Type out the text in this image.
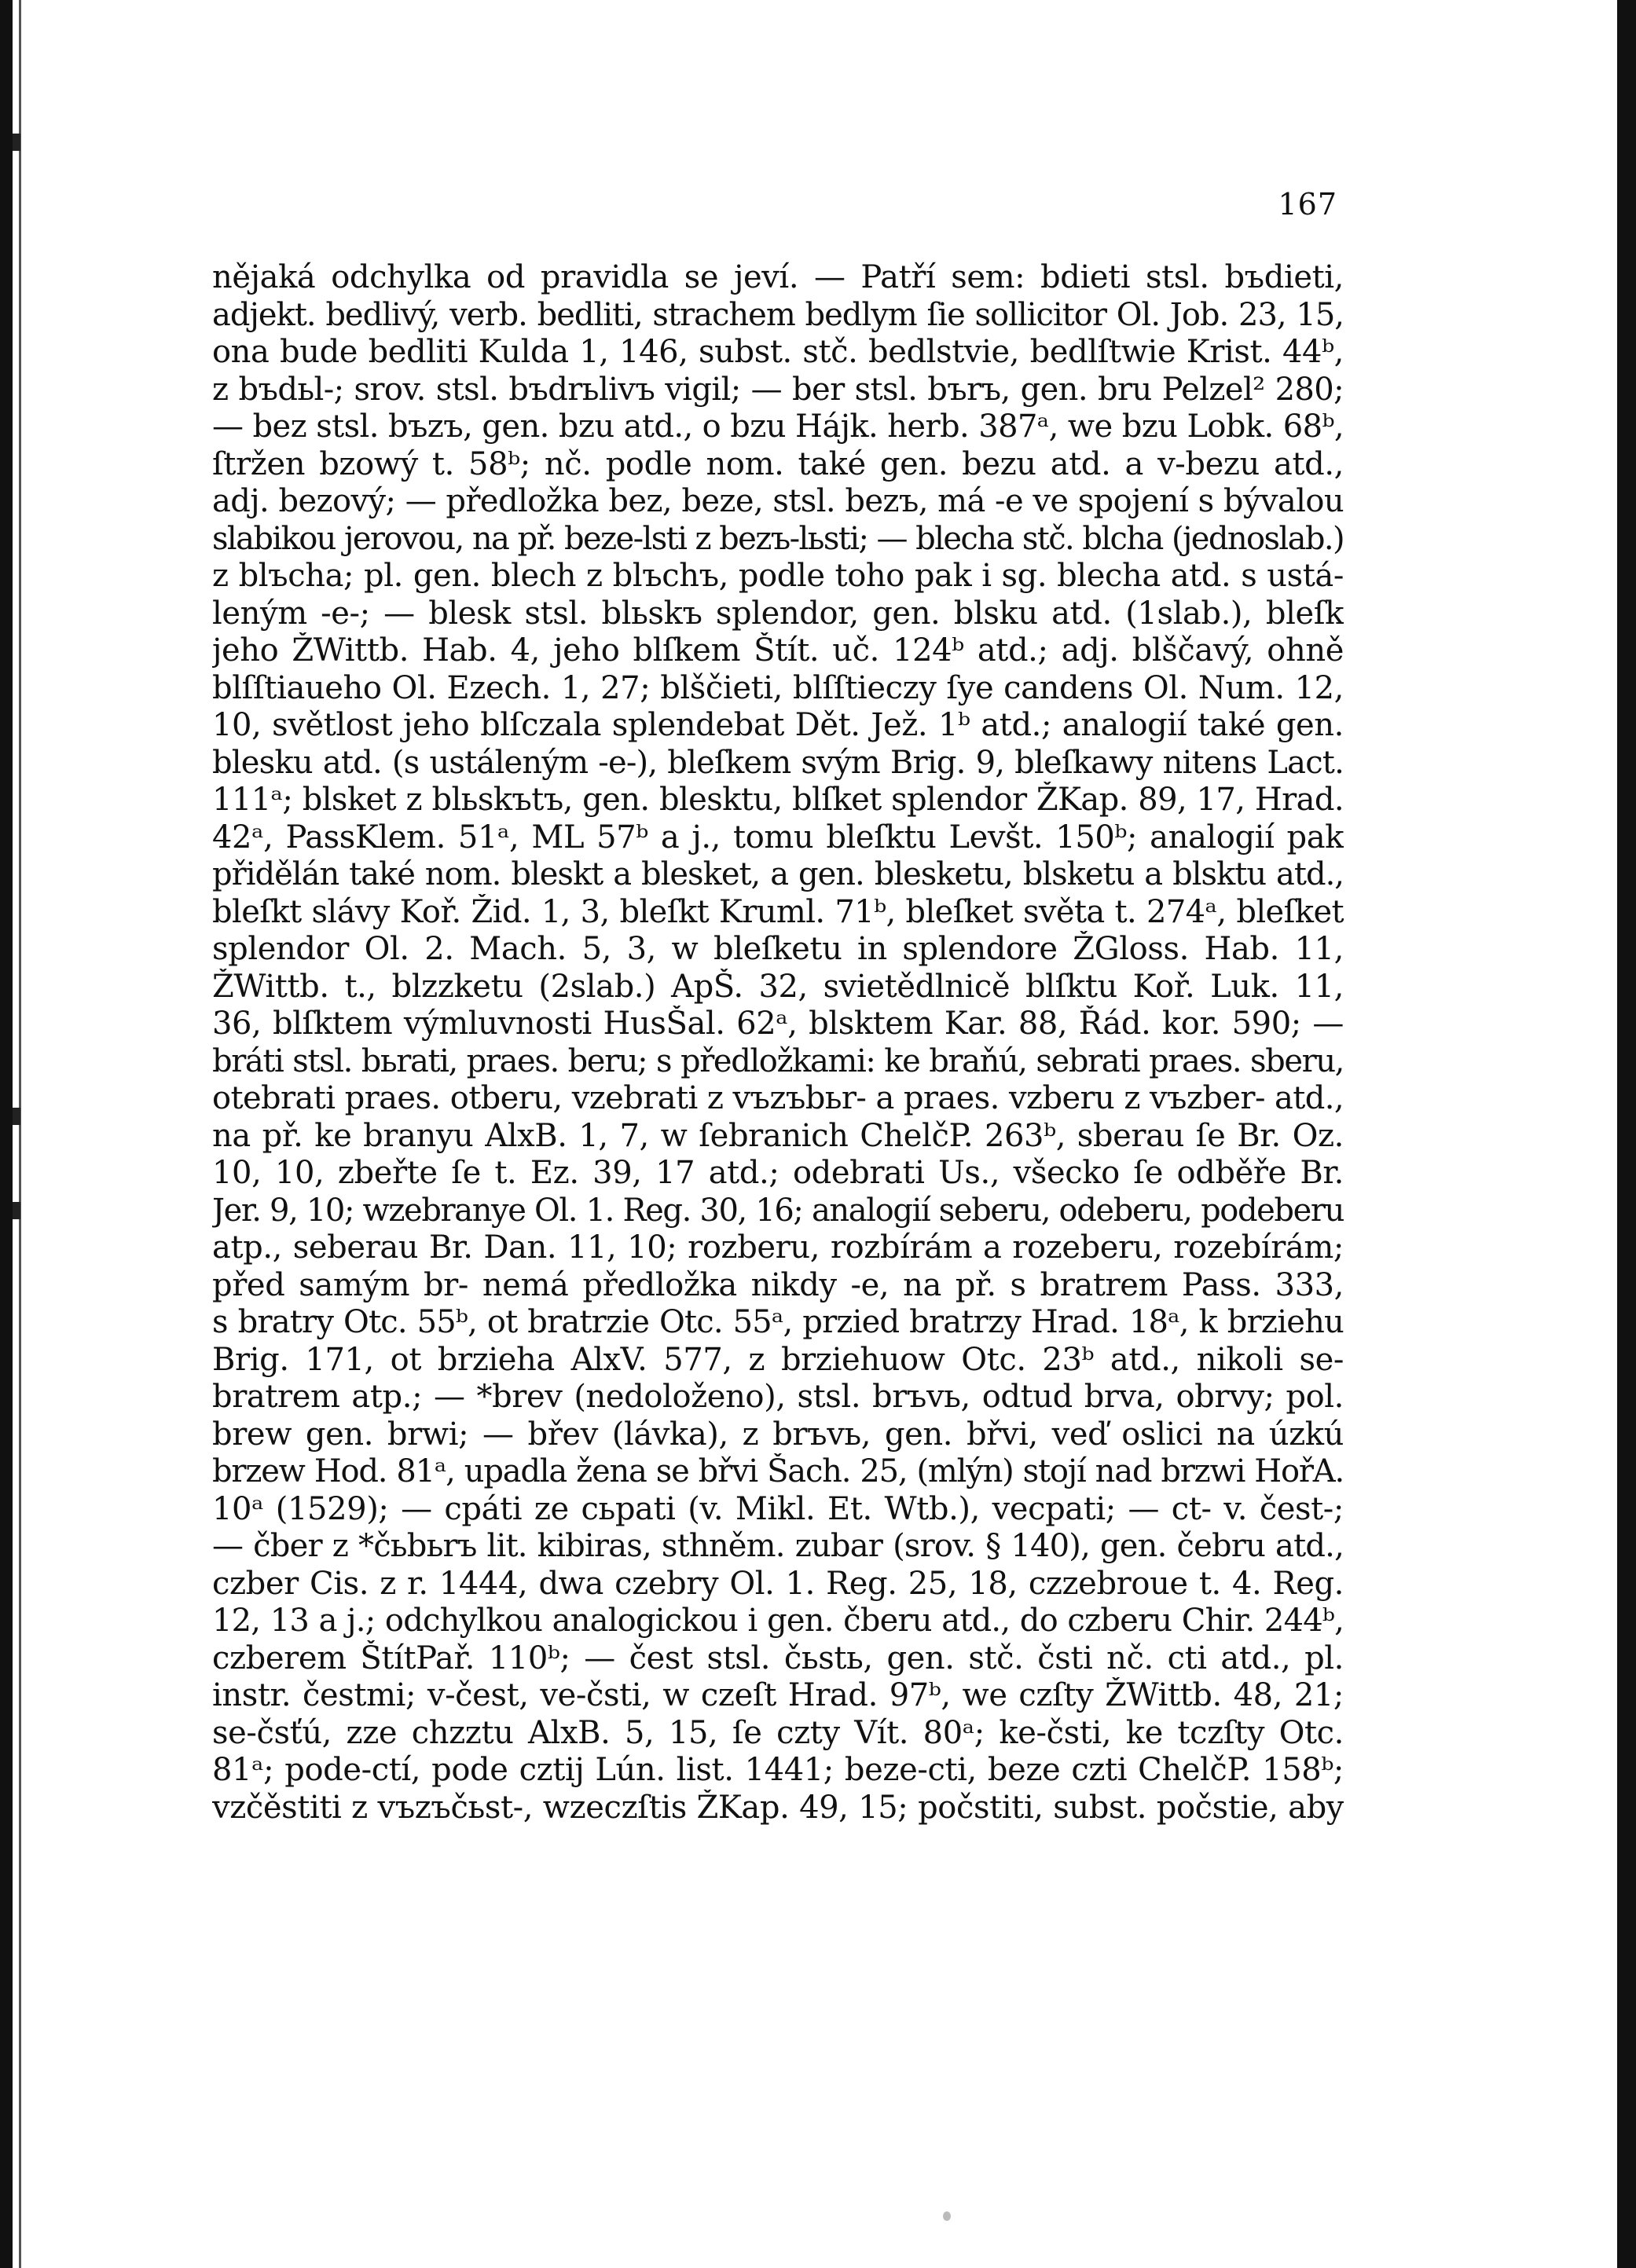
167
nějaká odchylka od pravidla se jeví. — Patří sem: bdieti stsl. bъdieti,
adjekt. bedlivý, verb. bedliti, strachem bedlym ſie sollicitor Ol. Job. 23, 15,
ona bude bedliti Kulda 1, 146, subst. stč. bedlstvie, bedlſtwie Krist. 44ᵇ,
z bъdьl-; srov. stsl. bъdrьlivъ vigil; — ber stsl. bъrъ, gen. bru Pelzel² 280;
— bez stsl. bъzъ, gen. bzu atd., o bzu Hájk. herb. 387ᵃ, we bzu Lobk. 68ᵇ,
ſtržen bzowý t. 58ᵇ; nč. podle nom. také gen. bezu atd. a v-bezu atd.,
adj. bezový; — předložka bez, beze, stsl. bezъ, má -e ve spojení s bývalou
slabikou jerovou, na př. beze-lsti z bezъ-lьsti; — blecha stč. blcha (jednoslab.)
z blъcha; pl. gen. blech z blъchъ, podle toho pak i sg. blecha atd. s ustá-
leným -e-; — blesk stsl. blьskъ splendor, gen. blsku atd. (1slab.), bleſk
jeho ŽWittb. Hab. 4, jeho blſkem Štít. uč. 124ᵇ atd.; adj. blščavý, ohně
blſſtiaueho Ol. Ezech. 1, 27; blščieti, blſſtieczy ſye candens Ol. Num. 12,
10, světlost jeho blſczala splendebat Dět. Jež. 1ᵇ atd.; analogií také gen.
blesku atd. (s ustáleným -e-), bleſkem svým Brig. 9, bleſkawy nitens Lact.
111ᵃ; blsket z blьskъtъ, gen. blesktu, blſket splendor ŽKap. 89, 17, Hrad.
42ᵃ, PassKlem. 51ᵃ, ML 57ᵇ a j., tomu bleſktu Levšt. 150ᵇ; analogií pak
přidělán také nom. bleskt a blesket, a gen. blesketu, blsketu a blsktu atd.,
bleſkt slávy Koř. Žid. 1, 3, bleſkt Kruml. 71ᵇ, bleſket světa t. 274ᵃ, bleſket
splendor Ol. 2. Mach. 5, 3, w bleſketu in splendore ŽGloss. Hab. 11,
ŽWittb. t., blzzketu (2slab.) ApŠ. 32, svietědlnicě blſktu Koř. Luk. 11,
36, blſktem výmluvnosti HusŠal. 62ᵃ, blsktem Kar. 88, Řád. kor. 590; —
bráti stsl. bьrati, praes. beru; s předložkami: ke braňú, sebrati praes. sberu,
otebrati praes. otberu, vzebrati z vъzъbьr- a praes. vzberu z vъzber- atd.,
na př. ke branyu AlxB. 1, 7, w ſebranich ChelčP. 263ᵇ, sberau ſe Br. Oz.
10, 10, zbeřte ſe t. Ez. 39, 17 atd.; odebrati Us., všecko ſe odběře Br.
Jer. 9, 10; wzebranye Ol. 1. Reg. 30, 16; analogií seberu, odeberu, podeberu
atp., seberau Br. Dan. 11, 10; rozberu, rozbírám a rozeberu, rozebírám;
před samým br- nemá předložka nikdy -e, na př. s bratrem Pass. 333,
s bratry Otc. 55ᵇ, ot bratrzie Otc. 55ᵃ, przied bratrzy Hrad. 18ᵃ, k brziehu
Brig. 171, ot brzieha AlxV. 577, z brziehuow Otc. 23ᵇ atd., nikoli se-
bratrem atp.; — *brev (nedoloženo), stsl. brъvь, odtud brva, obrvy; pol.
brew gen. brwi; — břev (lávka), z brъvь, gen. břvi, veď oslici na úzkú
brzew Hod. 81ᵃ, upadla žena se břvi Šach. 25, (mlýn) stojí nad brzwi HořA.
10ᵃ (1529); — cpáti ze сьpati (v. Mikl. Et. Wtb.), vecpati; — ct- v. čest-;
— čber z *čьbьrъ lit. kibiras, sthněm. zubar (srov. § 140), gen. čebru atd.,
czber Cis. z r. 1444, dwa czebry Ol. 1. Reg. 25, 18, czzebroue t. 4. Reg.
12, 13 a j.; odchylkou analogickou i gen. čberu atd., do czberu Chir. 244ᵇ,
czberem ŠtítPař. 110ᵇ; — čest stsl. čьstь, gen. stč. čsti nč. cti atd., pl.
instr. čestmi; v-čest, ve-čsti, w czeſt Hrad. 97ᵇ, we czſty ŽWittb. 48, 21;
se-čsťú, zze chzztu AlxB. 5, 15, ſe czty Vít. 80ᵃ; ke-čsti, ke tczſty Otc.
81ᵃ; pode-ctí, pode cztij Lún. list. 1441; beze-cti, beze czti ChelčP. 158ᵇ;
vzčěstiti z vъzъčьst-, wzeczſtis ŽKap. 49, 15; počstiti, subst. počstie, aby
